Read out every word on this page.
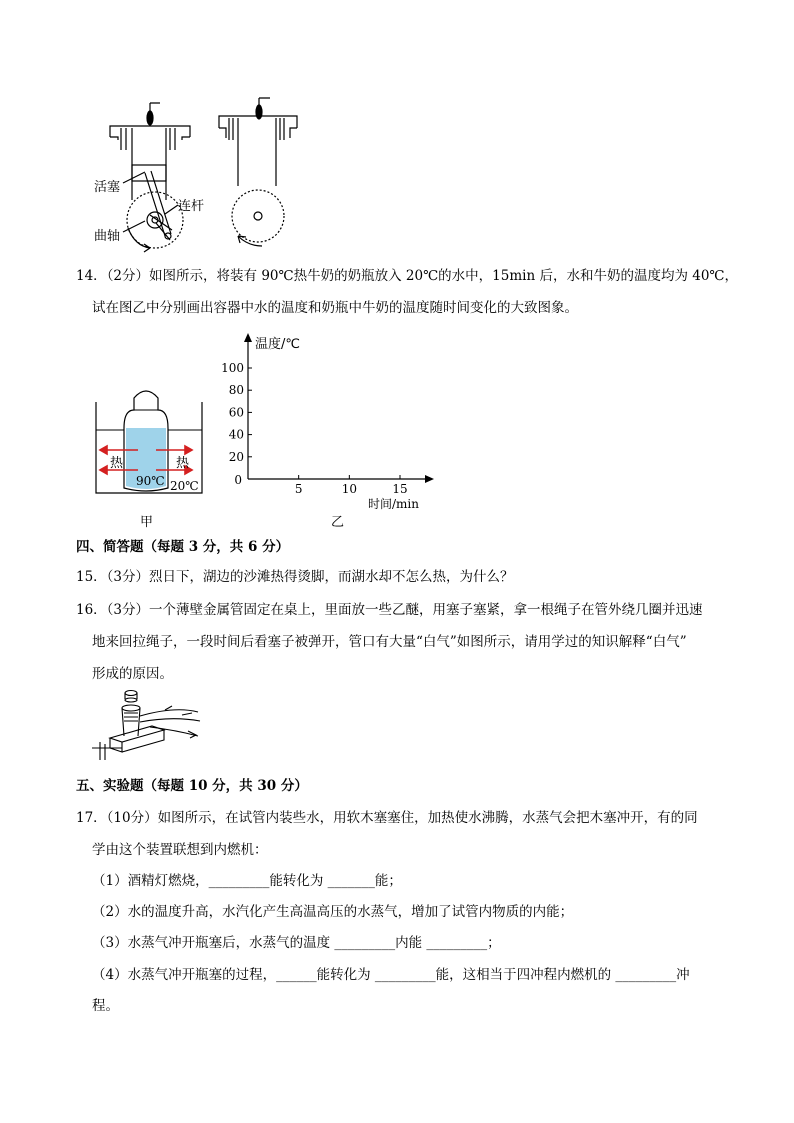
活塞
连杆
曲轴
14．（2分）如图所示，将装有 90℃热牛奶的奶瓶放入 20℃的水中，15min 后，水和牛奶的温度均为 40℃，
试在图乙中分别画出容器中水的温度和奶瓶中牛奶的温度随时间变化的大致图象。
热	热
90℃ 20℃
甲
20
40
60
80
100
5	10	15
0
温度/℃
时间/min
乙
四、简答题（每题 3 分，共 6 分）
15．（3分）烈日下，湖边的沙滩热得烫脚，而湖水却不怎么热，为什么？
16．（3分）一个薄壁金属管固定在桌上，里面放一些乙醚，用塞子塞紧，拿一根绳子在管外绕几圈并迅速
地来回拉绳子，一段时间后看塞子被弹开，管口有大量“白气”如图所示，请用学过的知识解释“白气”
形成的原因。
五、实验题（每题 10 分，共 30 分）
17．（10分）如图所示，在试管内装些水，用软木塞塞住，加热使水沸腾，水蒸气会把木塞冲开，有的同
学由这个装置联想到内燃机：
（1）酒精灯燃烧，_________能转化为 _______能；
（2）水的温度升高，水汽化产生高温高压的水蒸气，增加了试管内物质的内能；
（3）水蒸气冲开瓶塞后，水蒸气的温度 _________内能 _________；
（4）水蒸气冲开瓶塞的过程，______能转化为 _________能，这相当于四冲程内燃机的 _________冲
程。
